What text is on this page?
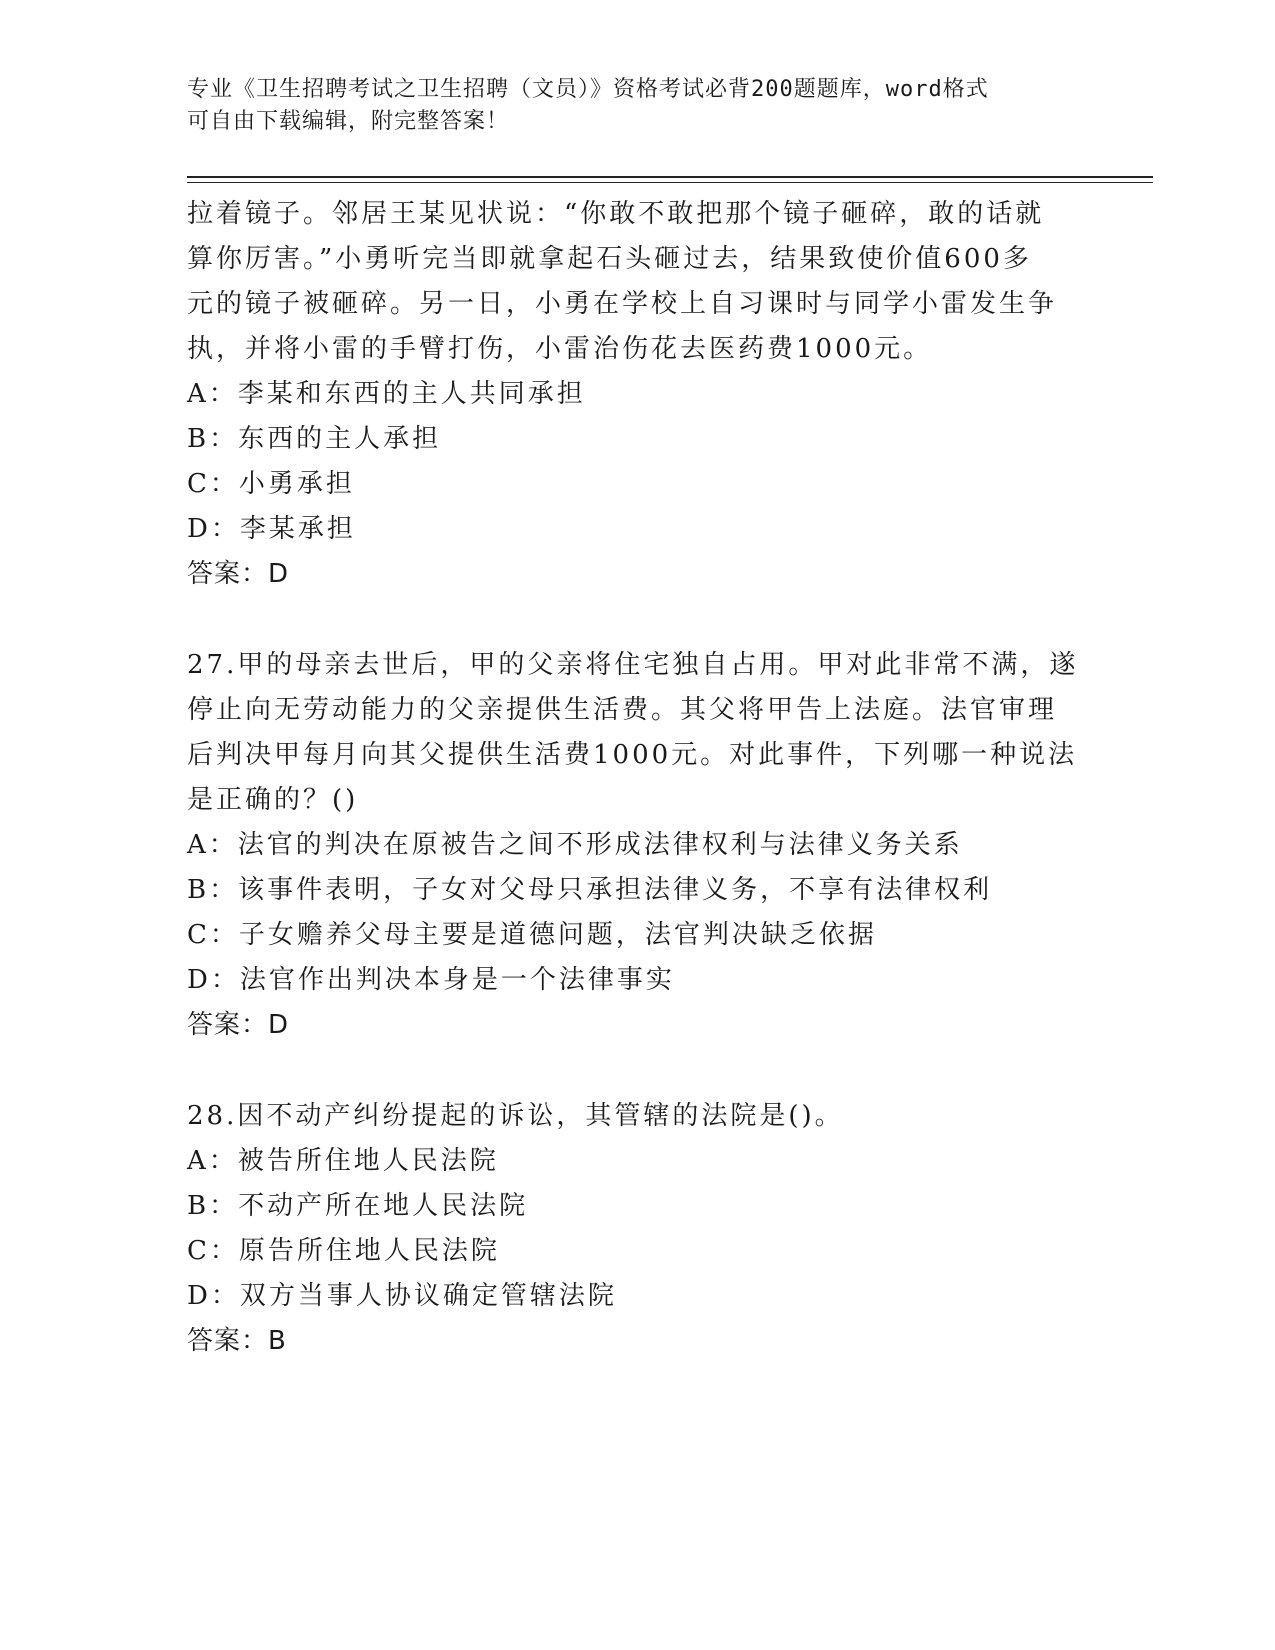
专业《卫生招聘考试之卫生招聘（文员）》资格考试必背200题题库，word格式
可自由下载编辑，附完整答案！
拉着镜子。邻居王某见状说：“你敢不敢把那个镜子砸碎，敢的话就
算你厉害。”小勇听完当即就拿起石头砸过去，结果致使价值600多
元的镜子被砸碎。另一日，小勇在学校上自习课时与同学小雷发生争
执，并将小雷的手臂打伤，小雷治伤花去医药费1000元。
A：李某和东西的主人共同承担
B：东西的主人承担
C：小勇承担
D：李某承担
答案：D
27.甲的母亲去世后，甲的父亲将住宅独自占用。甲对此非常不满，遂
停止向无劳动能力的父亲提供生活费。其父将甲告上法庭。法官审理
后判决甲每月向其父提供生活费1000元。对此事件，下列哪一种说法
是正确的？()
A：法官的判决在原被告之间不形成法律权利与法律义务关系
B：该事件表明，子女对父母只承担法律义务，不享有法律权利
C：子女赡养父母主要是道德问题，法官判决缺乏依据
D：法官作出判决本身是一个法律事实
答案：D
28.因不动产纠纷提起的诉讼，其管辖的法院是()。
A：被告所住地人民法院
B：不动产所在地人民法院
C：原告所住地人民法院
D：双方当事人协议确定管辖法院
答案：B
